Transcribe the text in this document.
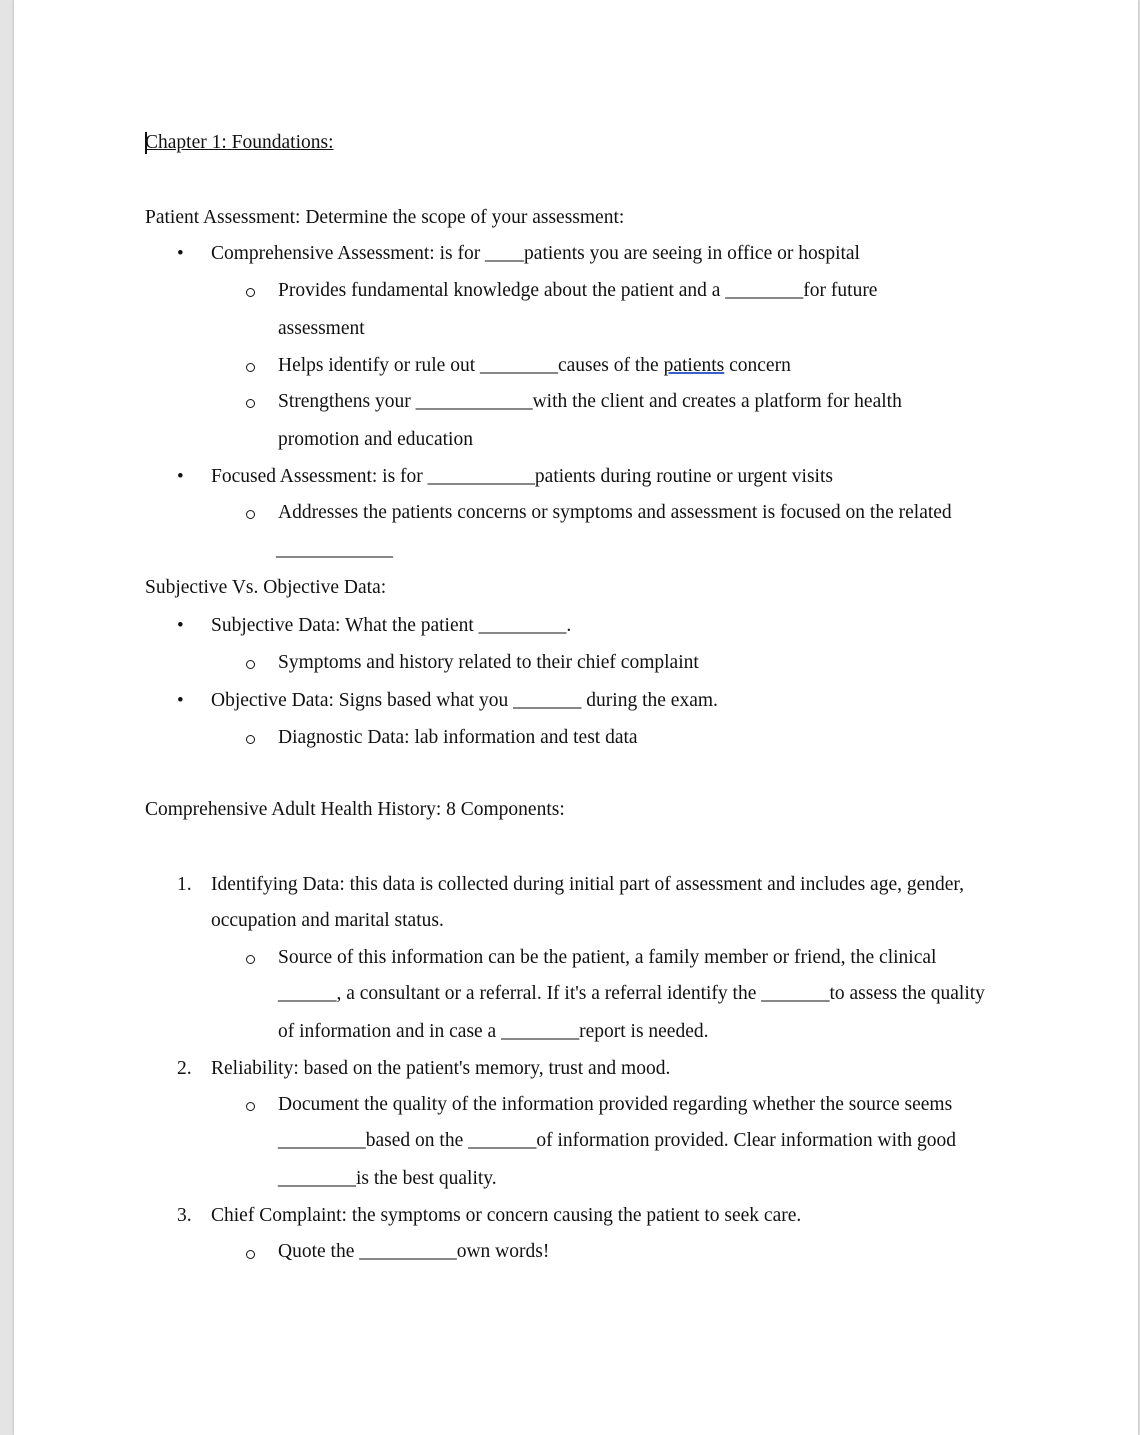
Chapter 1: Foundations:
Patient Assessment: Determine the scope of your assessment:
• Comprehensive Assessment: is for ____patients you are seeing in office or hospital
Provides fundamental knowledge about the patient and a ________for future
assessment
Helps identify or rule out ________causes of the patients concern
Strengthens your ____________with the client and creates a platform for health
promotion and education
• Focused Assessment: is for ___________patients during routine or urgent visits
Addresses the patients concerns or symptoms and assessment is focused on the related
____________
Subjective Vs. Objective Data:
• Subjective Data: What the patient _________.
Symptoms and history related to their chief complaint
• Objective Data: Signs based what you _______ during the exam.
Diagnostic Data: lab information and test data
Comprehensive Adult Health History: 8 Components:
1. Identifying Data: this data is collected during initial part of assessment and includes age, gender,
occupation and marital status.
Source of this information can be the patient, a family member or friend, the clinical
______, a consultant or a referral. If it's a referral identify the _______to assess the quality
of information and in case a ________report is needed.
2. Reliability: based on the patient's memory, trust and mood.
Document the quality of the information provided regarding whether the source seems
_________based on the _______of information provided. Clear information with good
________is the best quality.
3. Chief Complaint: the symptoms or concern causing the patient to seek care.
Quote the __________own words!
